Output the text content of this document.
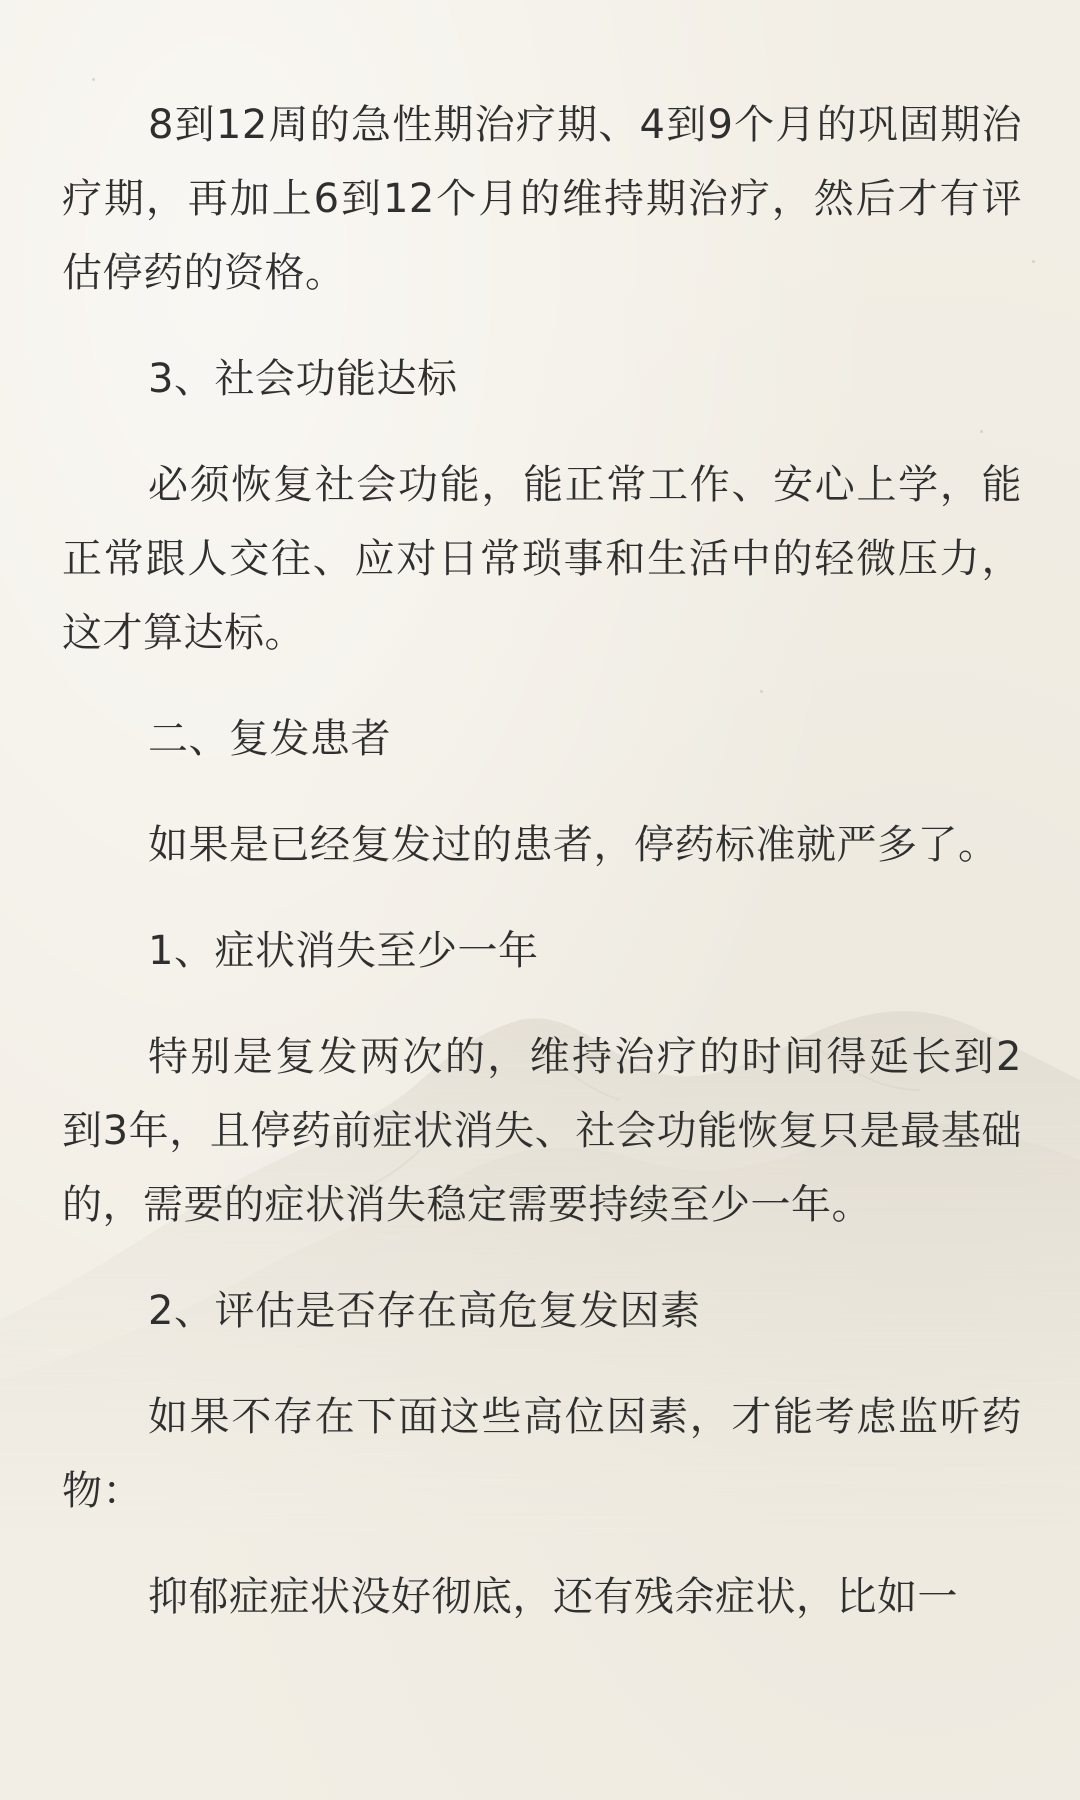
8到12周的急性期治疗期、4到9个月的巩固期治疗期，再加上6到12个月的维持期治疗，然后才有评估停药的资格。

3、社会功能达标

必须恢复社会功能，能正常工作、安心上学，能正常跟人交往、应对日常琐事和生活中的轻微压力，这才算达标。

二、复发患者

如果是已经复发过的患者，停药标准就严多了。

1、症状消失至少一年

特别是复发两次的，维持治疗的时间得延长到2到3年，且停药前症状消失、社会功能恢复只是最基础的，需要的症状消失稳定需要持续至少一年。

2、评估是否存在高危复发因素

如果不存在下面这些高位因素，才能考虑监听药物：

抑郁症症状没好彻底，还有残余症状，比如一
